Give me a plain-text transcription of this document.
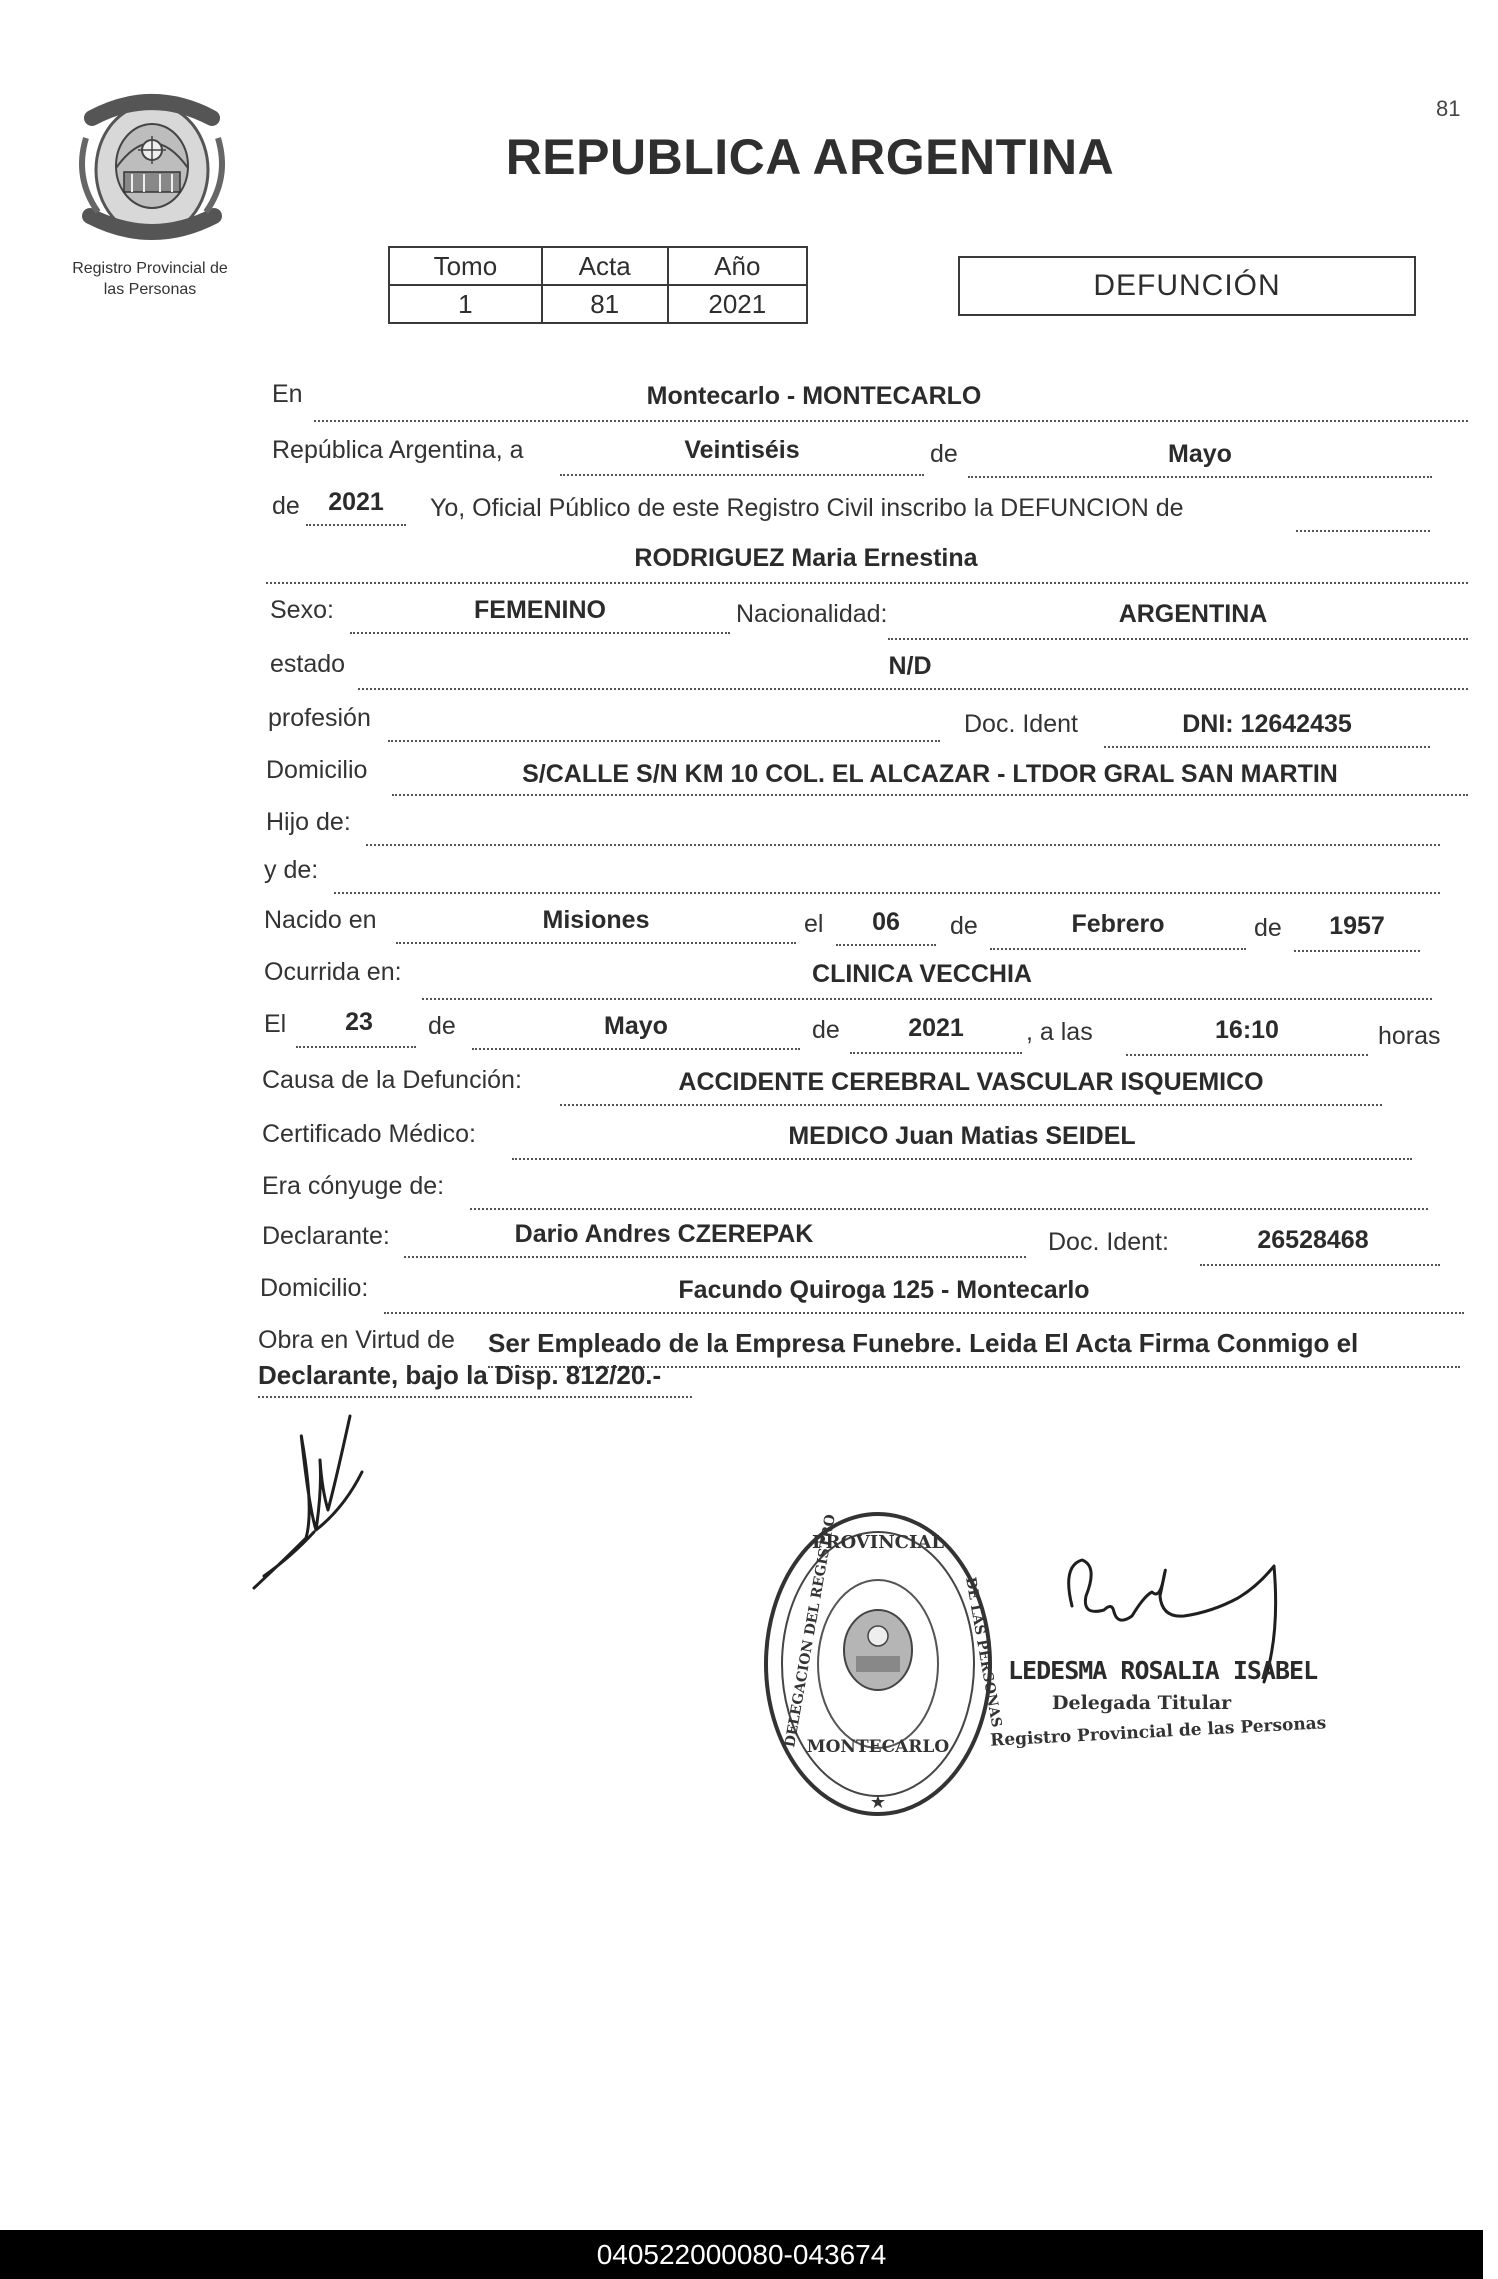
81
Registro Provincial de
las Personas
REPUBLICA ARGENTINA
Tomo	Acta	Año
1	81	2021
DEFUNCIÓN
En	Montecarlo - MONTECARLO
República Argentina, a	Veintiséis	de	Mayo
de	2021	Yo, Oficial Público de este Registro Civil inscribo la DEFUNCION de
RODRIGUEZ Maria Ernestina
Sexo:	FEMENINO	Nacionalidad:	ARGENTINA
estado	N/D
profesión	Doc. Ident	DNI: 12642435
Domicilio	S/CALLE S/N KM 10 COL. EL ALCAZAR - LTDOR GRAL SAN MARTIN
Hijo de:
y de:
Nacido en	Misiones	el	06	de	Febrero	de	1957
Ocurrida en:	CLINICA VECCHIA
El	23	de	Mayo	de	2021	, a las	16:10	horas
Causa de la Defunción:	ACCIDENTE CEREBRAL VASCULAR ISQUEMICO
Certificado Médico:	MEDICO Juan Matias SEIDEL
Era cónyuge de:
Declarante:	Dario Andres CZEREPAK	Doc. Ident:	26528468
Domicilio:	Facundo Quiroga 125 - Montecarlo
Obra en Virtud de Ser Empleado de la Empresa Funebre. Leida El Acta Firma Conmigo el
Declarante, bajo la Disp. 812/20.-
PROVINCIAL
DELEGACION DEL REGISTRO	DE LAS PERSONAS
MONTECARLO
★
LEDESMA ROSALIA ISABEL
Delegada Titular
Registro Provincial de las Personas
040522000080-043674
